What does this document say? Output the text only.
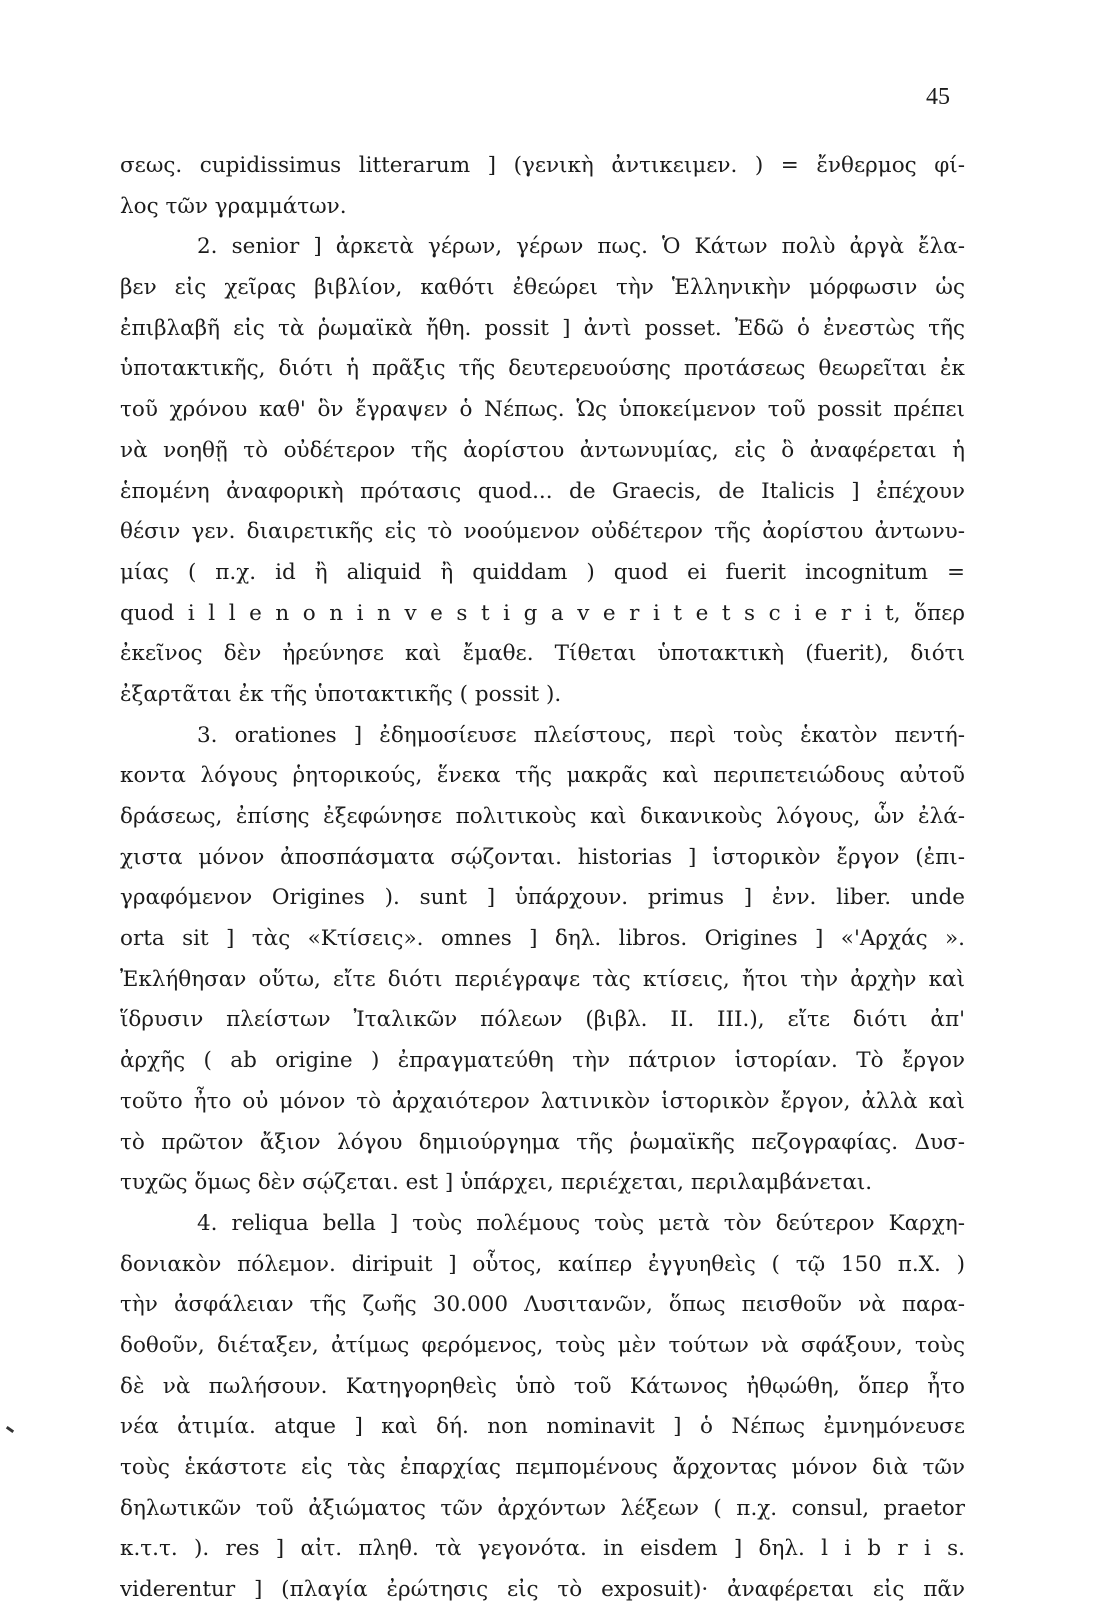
45
σεως. cupidissimus litterarum ] (γενικὴ ἀντικειμεν. ) = ἔνθερμος φί-
λος τῶν γραμμάτων.
2. senior ] ἀρκετὰ γέρων, γέρων πως. Ὁ Κάτων πολὺ ἀργὰ ἔλα-
βεν εἰς χεῖρας βιβλίον, καθότι ἐθεώρει τὴν Ἑλληνικὴν μόρφωσιν ὡς
ἐπιβλαβῆ εἰς τὰ ῥωμαϊκὰ ἤθη. possit ] ἀντὶ posset. Ἐδῶ ὁ ἐνεστὼς τῆς
ὑποτακτικῆς, διότι ἡ πρᾶξις τῆς δευτερευούσης προτάσεως θεωρεῖται ἐκ
τοῦ χρόνου καθ' ὃν ἔγραψεν ὁ Νέπως. Ὡς ὑποκείμενον τοῦ possit πρέπει
νὰ νοηθῇ τὸ οὐδέτερον τῆς ἀορίστου ἀντωνυμίας, εἰς ὃ ἀναφέρεται ἡ
ἑπομένη ἀναφορικὴ πρότασις quod... de Graecis, de Italicis ] ἐπέχουν
θέσιν γεν. διαιρετικῆς εἰς τὸ νοούμενον οὐδέτερον τῆς ἀορίστου ἀντωνυ-
μίας ( π.χ. id ἢ aliquid ἢ quiddam ) quod ei fuerit incognitum =
quod i l l e n o n i n v e s t i g a v e r i t e t s c i e r i t, ὅπερ
ἐκεῖνος δὲν ἠρεύνησε καὶ ἔμαθε. Τίθεται ὑποτακτικὴ (fuerit), διότι
ἐξαρτᾶται ἐκ τῆς ὑποτακτικῆς ( possit ).
3. orationes ] ἐδημοσίευσε πλείστους, περὶ τοὺς ἑκατὸν πεντή-
κοντα λόγους ῥητορικούς, ἕνεκα τῆς μακρᾶς καὶ περιπετειώδους αὐτοῦ
δράσεως, ἐπίσης ἐξεφώνησε πολιτικοὺς καὶ δικανικοὺς λόγους, ὧν ἐλά-
χιστα μόνον ἀποσπάσματα σῴζονται. historias ] ἱστορικὸν ἔργον (ἐπι-
γραφόμενον Origines ). sunt ] ὑπάρχουν. primus ] ἐνν. liber. unde
orta sit ] τὰς «Κτίσεις». omnes ] δηλ. libros. Origines ] «'Αρχάς ».
Ἐκλήθησαν οὕτω, εἴτε διότι περιέγραψε τὰς κτίσεις, ἤτοι τὴν ἀρχὴν καὶ
ἵδρυσιν πλείστων Ἰταλικῶν πόλεων (βιβλ. II. III.), εἴτε διότι ἀπ'
ἀρχῆς ( ab origine ) ἐπραγματεύθη τὴν πάτριον ἱστορίαν. Τὸ ἔργον
τοῦτο ἦτο οὐ μόνον τὸ ἀρχαιότερον λατινικὸν ἱστορικὸν ἔργον, ἀλλὰ καὶ
τὸ πρῶτον ἄξιον λόγου δημιούργημα τῆς ῥωμαϊκῆς πεζογραφίας. Δυσ-
τυχῶς ὅμως δὲν σῴζεται. est ] ὑπάρχει, περιέχεται, περιλαμβάνεται.
4. reliqua bella ] τοὺς πολέμους τοὺς μετὰ τὸν δεύτερον Καρχη-
δονιακὸν πόλεμον. diripuit ] οὗτος, καίπερ ἐγγυηθεὶς ( τῷ 150 π.Χ. )
τὴν ἀσφάλειαν τῆς ζωῆς 30.000 Λυσιτανῶν, ὅπως πεισθοῦν νὰ παρα-
δοθοῦν, διέταξεν, ἀτίμως φερόμενος, τοὺς μὲν τούτων νὰ σφάξουν, τοὺς
δὲ νὰ πωλήσουν. Κατηγορηθεὶς ὑπὸ τοῦ Κάτωνος ἠθῳώθη, ὅπερ ἦτο
νέα ἀτιμία. atque ] καὶ δή. non nominavit ] ὁ Νέπως ἐμνημόνευσε
τοὺς ἑκάστοτε εἰς τὰς ἐπαρχίας πεμπομένους ἄρχοντας μόνον διὰ τῶν
δηλωτικῶν τοῦ ἀξιώματος τῶν ἀρχόντων λέξεων ( π.χ. consul, praetor
κ.τ.τ. ). res ] αἰτ. πληθ. τὰ γεγονότα. in eisdem ] δηλ. l i b r i s.
viderentur ] (πλαγία ἐρώτησις εἰς τὸ exposuit)· ἀναφέρεται εἰς πᾶν
